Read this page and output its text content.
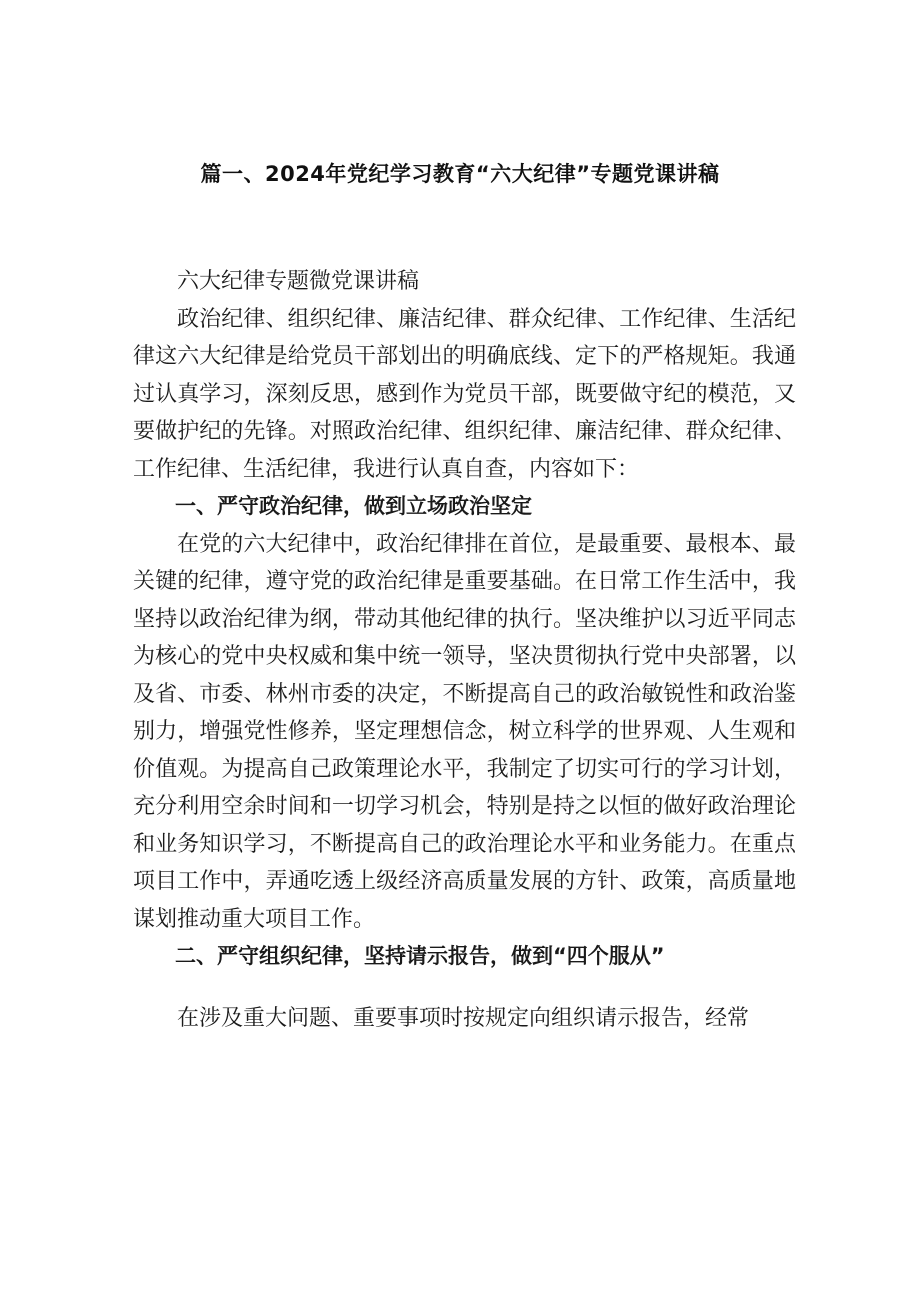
篇一、2024年党纪学习教育“六大纪律”专题党课讲稿

六大纪律专题微党课讲稿

政治纪律、组织纪律、廉洁纪律、群众纪律、工作纪律、生活纪律这六大纪律是给党员干部划出的明确底线、定下的严格规矩。我通过认真学习，深刻反思，感到作为党员干部，既要做守纪的模范，又要做护纪的先锋。对照政治纪律、组织纪律、廉洁纪律、群众纪律、工作纪律、生活纪律，我进行认真自查，内容如下：

一、严守政治纪律，做到立场政治坚定

在党的六大纪律中，政治纪律排在首位，是最重要、最根本、最关键的纪律，遵守党的政治纪律是重要基础。在日常工作生活中，我坚持以政治纪律为纲，带动其他纪律的执行。坚决维护以习近平同志为核心的党中央权威和集中统一领导，坚决贯彻执行党中央部署，以及省、市委、林州市委的决定，不断提高自己的政治敏锐性和政治鉴别力，增强党性修养，坚定理想信念，树立科学的世界观、人生观和价值观。为提高自己政策理论水平，我制定了切实可行的学习计划，充分利用空余时间和一切学习机会，特别是持之以恒的做好政治理论和业务知识学习，不断提高自己的政治理论水平和业务能力。在重点项目工作中，弄通吃透上级经济高质量发展的方针、政策，高质量地谋划推动重大项目工作。

二、严守组织纪律，坚持请示报告，做到“四个服从”

在涉及重大问题、重要事项时按规定向组织请示报告，经常
